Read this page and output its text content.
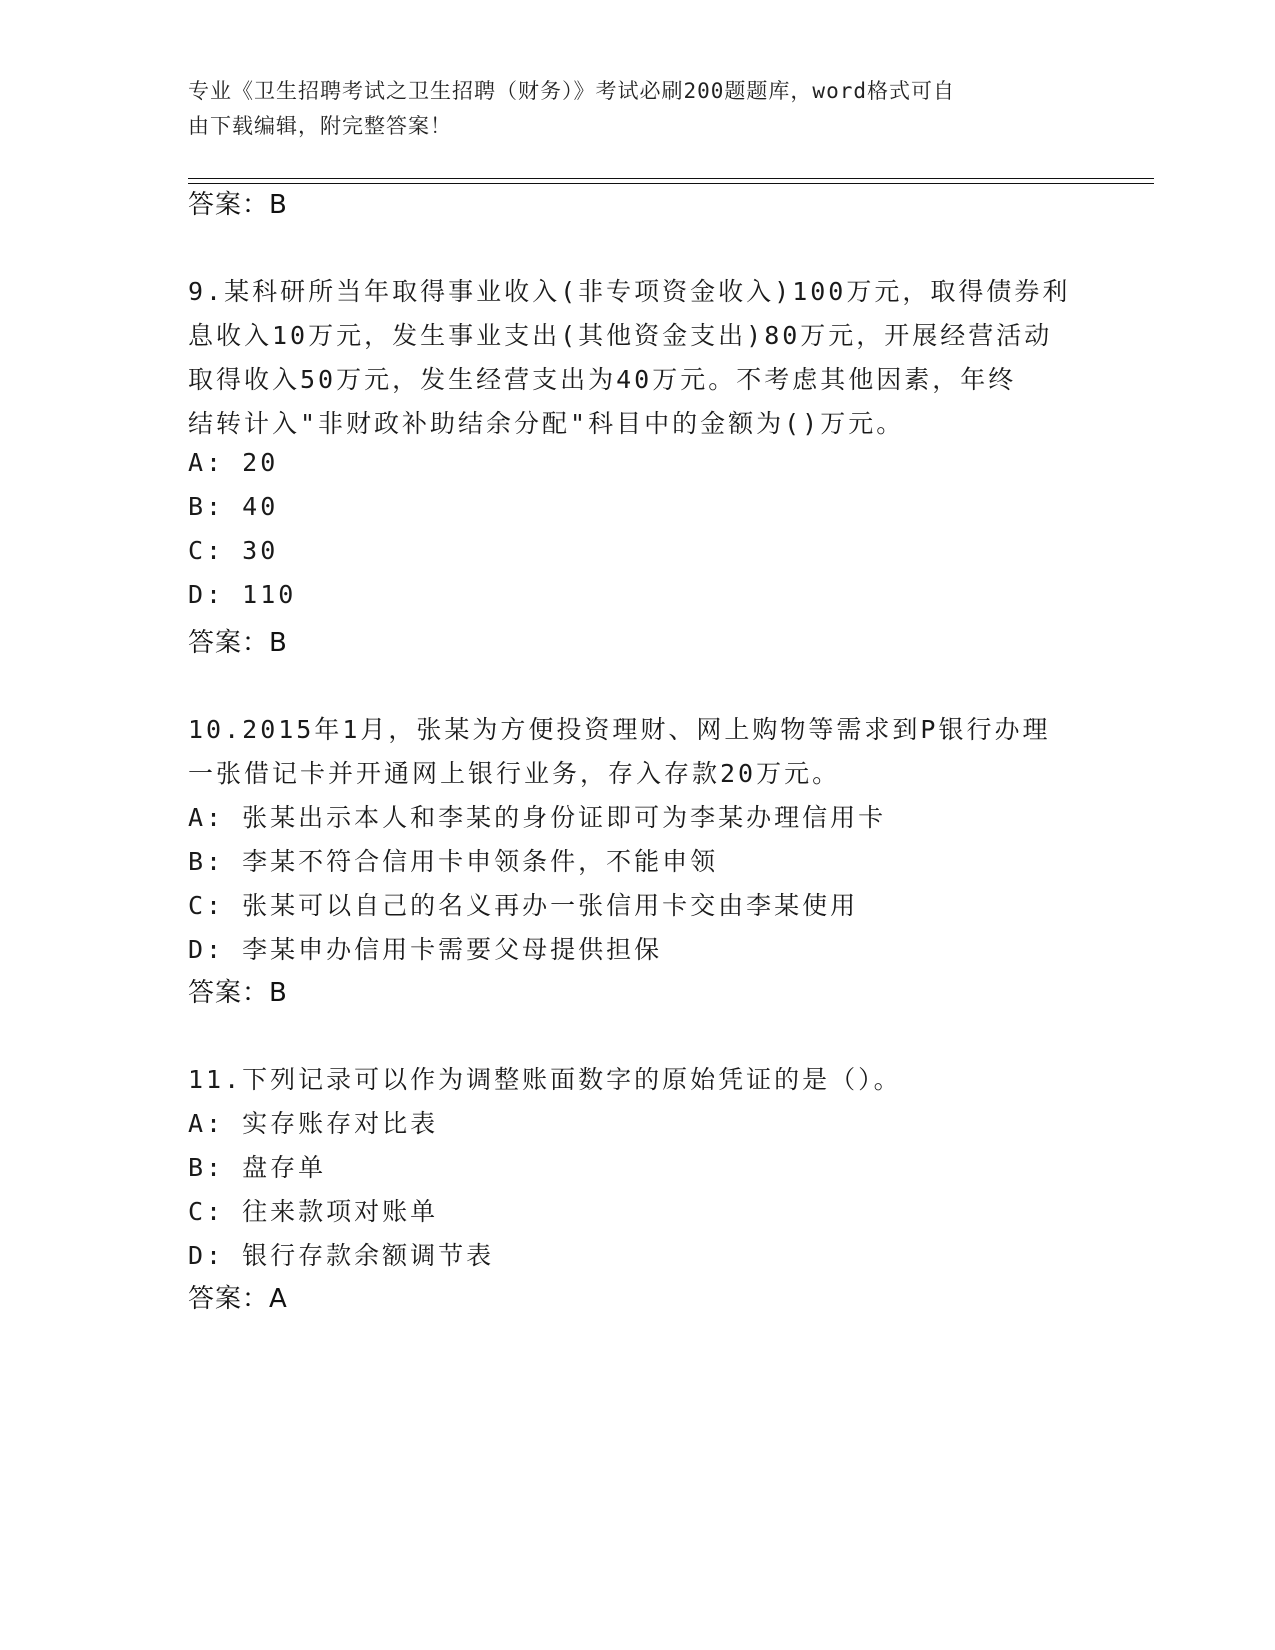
专业《卫生招聘考试之卫生招聘（财务）》考试必刷200题题库，word格式可自
由下载编辑，附完整答案！
答案：B
9.某科研所当年取得事业收入(非专项资金收入)100万元，取得债券利
息收入10万元，发生事业支出(其他资金支出)80万元，开展经营活动
取得收入50万元，发生经营支出为40万元。不考虑其他因素，年终
结转计入"非财政补助结余分配"科目中的金额为()万元。
A: 20
B: 40
C: 30
D: 110
答案：B
10.2015年1月，张某为方便投资理财、网上购物等需求到P银行办理
一张借记卡并开通网上银行业务，存入存款20万元。
A: 张某出示本人和李某的身份证即可为李某办理信用卡
B: 李某不符合信用卡申领条件，不能申领
C: 张某可以自己的名义再办一张信用卡交由李某使用
D: 李某申办信用卡需要父母提供担保
答案：B
11.下列记录可以作为调整账面数字的原始凭证的是（）。
A: 实存账存对比表
B: 盘存单
C: 往来款项对账单
D: 银行存款余额调节表
答案：A
